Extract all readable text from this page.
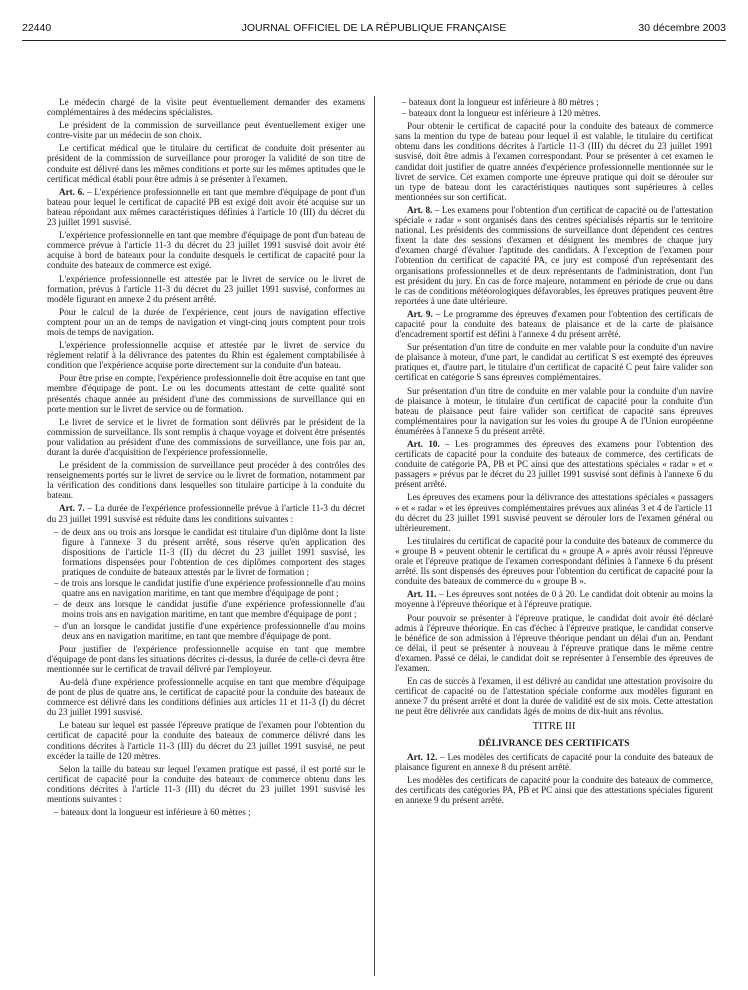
22440	JOURNAL OFFICIEL DE LA RÉPUBLIQUE FRANÇAISE	30 décembre 2003

Le médecin chargé de la visite peut éventuellement demander des examens complémentaires à des médecins spécialistes.

Le président de la commission de surveillance peut éventuellement exiger une contre-visite par un médecin de son choix.

Le certificat médical que le titulaire du certificat de conduite doit présenter au président de la commission de surveillance pour proroger la validité de son titre de conduite est délivré dans les mêmes conditions et porte sur les mêmes aptitudes que le certificat médical établi pour être admis à se présenter à l'examen.

Art. 6. – L'expérience professionnelle en tant que membre d'équipage de pont d'un bateau pour lequel le certificat de capacité PB est exigé doit avoir été acquise sur un bateau répondant aux mêmes caractéristiques définies à l'article 10 (III) du décret du 23 juillet 1991 susvisé.

L'expérience professionnelle en tant que membre d'équipage de pont d'un bateau de commerce prévue à l'article 11-3 du décret du 23 juillet 1991 susvisé doit avoir été acquise à bord de bateaux pour la conduite desquels le certificat de capacité pour la conduite des bateaux de commerce est exigé.

L'expérience professionnelle est attestée par le livret de service ou le livret de formation, prévus à l'article 11-3 du décret du 23 juillet 1991 susvisé, conformes au modèle figurant en annexe 2 du présent arrêté.

Pour le calcul de la durée de l'expérience, cent jours de navigation effective comptent pour un an de temps de navigation et vingt-cinq jours comptent pour trois mois de temps de navigation.

L'expérience professionnelle acquise et attestée par le livret de service du règlement relatif à la délivrance des patentes du Rhin est également comptabilisée à condition que l'expérience acquise porte directement sur la conduite d'un bateau.

Pour être prise en compte, l'expérience professionnelle doit être acquise en tant que membre d'équipage de pont. Le ou les documents attestant de cette qualité sont présentés chaque année au président d'une des commissions de surveillance qui en porte mention sur le livret de service ou de formation.

Le livret de service et le livret de formation sont délivrés par le président de la commission de surveillance. Ils sont remplis à chaque voyage et doivent être présentés pour validation au président d'une des commissions de surveillance, une fois par an, durant la durée d'acquisition de l'expérience professionnelle.

Le président de la commission de surveillance peut procéder à des contrôles des renseignements portés sur le livret de service ou le livret de formation, notamment par la vérification des conditions dans lesquelles son titulaire participe à la conduite du bateau.

Art. 7. – La durée de l'expérience professionnelle prévue à l'article 11-3 du décret du 23 juillet 1991 susvisé est réduite dans les conditions suivantes :

– de deux ans ou trois ans lorsque le candidat est titulaire d'un diplôme dont la liste figure à l'annexe 3 du présent arrêté, sous réserve qu'en application des dispositions de l'article 11-3 (II) du décret du 23 juillet 1991 susvisé, les formations dispensées pour l'obtention de ces diplômes comportent des stages pratiques de conduite de bateaux attestés par le livret de formation ;
– de trois ans lorsque le candidat justifie d'une expérience professionnelle d'au moins quatre ans en navigation maritime, en tant que membre d'équipage de pont ;
– de deux ans lorsque le candidat justifie d'une expérience professionnelle d'au moins trois ans en navigation maritime, en tant que membre d'équipage de pont ;
– d'un an lorsque le candidat justifie d'une expérience professionnelle d'au moins deux ans en navigation maritime, en tant que membre d'équipage de pont.

Pour justifier de l'expérience professionnelle acquise en tant que membre d'équipage de pont dans les situations décrites ci-dessus, la durée de celle-ci devra être mentionnée sur le certificat de travail délivré par l'employeur.

Au-delà d'une expérience professionnelle acquise en tant que membre d'équipage de pont de plus de quatre ans, le certificat de capacité pour la conduite des bateaux de commerce est délivré dans les conditions définies aux articles 11 et 11-3 (I) du décret du 23 juillet 1991 susvisé.

Le bateau sur lequel est passée l'épreuve pratique de l'examen pour l'obtention du certificat de capacité pour la conduite des bateaux de commerce délivré dans les conditions décrites à l'article 11-3 (III) du décret du 23 juillet 1991 susvisé, ne peut excéder la taille de 120 mètres.

Selon la taille du bateau sur lequel l'examen pratique est passé, il est porté sur le certificat de capacité pour la conduite des bateaux de commerce obtenu dans les conditions décrites à l'article 11-3 (III) du décret du 23 juillet 1991 susvisé les mentions suivantes :

– bateaux dont la longueur est inférieure à 60 mètres ;
– bateaux dont la longueur est inférieure à 80 mètres ;
– bateaux dont la longueur est inférieure à 120 mètres.

Pour obtenir le certificat de capacité pour la conduite des bateaux de commerce sans la mention du type de bateau pour lequel il est valable, le titulaire du certificat obtenu dans les conditions décrites à l'article 11-3 (III) du décret du 23 juillet 1991 susvisé, doit être admis à l'examen correspondant. Pour se présenter à cet examen le candidat doit justifier de quatre années d'expérience professionnelle mentionnée sur le livret de service. Cet examen comporte une épreuve pratique qui doit se dérouler sur un type de bateau dont les caractéristiques nautiques sont supérieures à celles mentionnées sur son certificat.

Art. 8. – Les examens pour l'obtention d'un certificat de capacité ou de l'attestation spéciale « radar » sont organisés dans des centres spécialisés répartis sur le territoire national. Les présidents des commissions de surveillance dont dépendent ces centres fixent la date des sessions d'examen et désignent les membres de chaque jury d'examen chargé d'évaluer l'aptitude des candidats. A l'exception de l'examen pour l'obtention du certificat de capacité PA, ce jury est composé d'un représentant des organisations professionnelles et de deux représentants de l'administration, dont l'un est président du jury. En cas de force majeure, notamment en période de crue ou dans le cas de conditions météorologiques défavorables, les épreuves pratiques peuvent être reportées à une date ultérieure.

Art. 9. – Le programme des épreuves d'examen pour l'obtention des certificats de capacité pour la conduite des bateaux de plaisance et de la carte de plaisance d'encadrement sportif est défini à l'annexe 4 du présent arrêté.

Sur présentation d'un titre de conduite en mer valable pour la conduite d'un navire de plaisance à moteur, d'une part, le candidat au certificat S est exempté des épreuves pratiques et, d'autre part, le titulaire d'un certificat de capacité C peut faire valider son certificat en catégorie S sans épreuves complémentaires.

Sur présentation d'un titre de conduite en mer valable pour la conduite d'un navire de plaisance à moteur, le titulaire d'un certificat de capacité pour la conduite d'un bateau de plaisance peut faire valider son certificat de capacité sans épreuves complémentaires pour la navigation sur les voies du groupe A de l'Union européenne énumérées à l'annexe 5 du présent arrêté.

Art. 10. – Les programmes des épreuves des examens pour l'obtention des certificats de capacité pour la conduite des bateaux de commerce, des certificats de conduite de catégorie PA, PB et PC ainsi que des attestations spéciales « radar » et « passagers » prévus par le décret du 23 juillet 1991 susvisé sont définis à l'annexe 6 du présent arrêté.

Les épreuves des examens pour la délivrance des attestations spéciales « passagers » et « radar » et les épreuves complémentaires prévues aux alinéas 3 et 4 de l'article 11 du décret du 23 juillet 1991 susvisé peuvent se dérouler lors de l'examen général ou ultérieurement.

Les titulaires du certificat de capacité pour la conduite des bateaux de commerce du « groupe B » peuvent obtenir le certificat du « groupe A » après avoir réussi l'épreuve orale et l'épreuve pratique de l'examen correspondant définies à l'annexe 6 du présent arrêté. Ils sont dispensés des épreuves pour l'obtention du certificat de capacité pour la conduite des bateaux de commerce du « groupe B ».

Art. 11. – Les épreuves sont notées de 0 à 20. Le candidat doit obtenir au moins la moyenne à l'épreuve théorique et à l'épreuve pratique.

Pour pouvoir se présenter à l'épreuve pratique, le candidat doit avoir été déclaré admis à l'épreuve théorique. En cas d'échec à l'épreuve pratique, le candidat conserve le bénéfice de son admission à l'épreuve théorique pendant un délai d'un an. Pendant ce délai, il peut se présenter à nouveau à l'épreuve pratique dans le même centre d'examen. Passé ce délai, le candidat doit se représenter à l'ensemble des épreuves de l'examen.

En cas de succès à l'examen, il est délivré au candidat une attestation provisoire du certificat de capacité ou de l'attestation spéciale conforme aux modèles figurant en annexe 7 du présent arrêté et dont la durée de validité est de six mois. Cette attestation ne peut être délivrée aux candidats âgés de moins de dix-huit ans révolus.

TITRE III

DÉLIVRANCE DES CERTIFICATS

Art. 12. – Les modèles des certificats de capacité pour la conduite des bateaux de plaisance figurent en annexe 8 du présent arrêté.

Les modèles des certificats de capacité pour la conduite des bateaux de commerce, des certificats des catégories PA, PB et PC ainsi que des attestations spéciales figurent en annexe 9 du présent arrêté.
